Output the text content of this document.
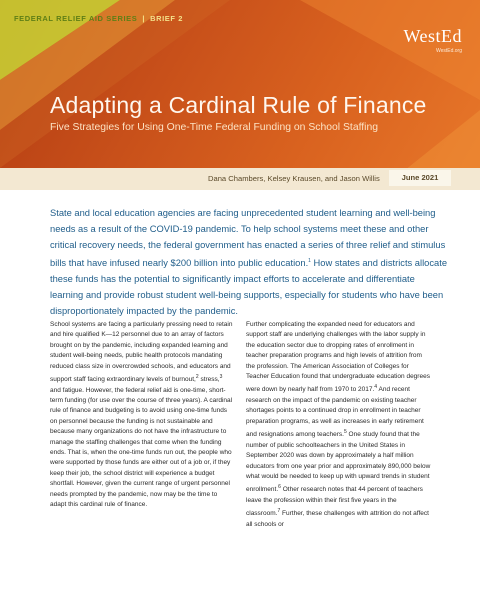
FEDERAL RELIEF AID SERIES | BRIEF 2
WestEd
WestEd.org
Adapting a Cardinal Rule of Finance
Five Strategies for Using One-Time Federal Funding on School Staffing
Dana Chambers, Kelsey Krausen, and Jason Willis	June 2021
State and local education agencies are facing unprecedented student learning and well-being needs as a result of the COVID-19 pandemic. To help school systems meet these and other critical recovery needs, the federal government has enacted a series of three relief and stimulus bills that have infused nearly $200 billion into public education.$^1$ How states and districts allocate these funds has the potential to significantly impact efforts to accelerate and differentiate learning and provide robust student well-being supports, especially for students who have been disproportionately impacted by the pandemic.

School systems are facing a particularly pressing need to retain and hire qualified K—12 personnel due to an array of factors brought on by the pandemic, including expanded learning and student well-being needs, public health protocols mandating reduced class size in overcrowded schools, and educators and support staff facing extraordinary levels of burnout,$^2$ stress,$^3$ and fatigue. However, the federal relief aid is one-time, short-term funding (for use over the course of three years). A cardinal rule of finance and budgeting is to avoid using one-time funds on personnel because the funding is not sustainable and because many organizations do not have the infrastructure to manage the staffing challenges that come when the funding ends. That is, when the one-time funds run out, the people who were supported by those funds are either out of a job or, if they keep their job, the school district will experience a budget shortfall. However, given the current range of urgent personnel needs prompted by the pandemic, now may be the time to adapt this cardinal rule of finance.

Further complicating the expanded need for educators and support staff are underlying challenges with the labor supply in the education sector due to dropping rates of enrollment in teacher preparation programs and high levels of attrition from the profession. The American Association of Colleges for Teacher Education found that undergraduate education degrees were down by nearly half from 1970 to 2017.$^4$ And recent research on the impact of the pandemic on existing teacher shortages points to a continued drop in enrollment in teacher preparation programs, as well as increases in early retirement and resignations among teachers.$^5$ One study found that the number of public schoolteachers in the United States in September 2020 was down by approximately a half million educators from one year prior and approximately 890,000 below what would be needed to keep up with upward trends in student enrollment.$^6$ Other research notes that 44 percent of teachers leave the profession within their first five years in the classroom.$^7$ Further, these challenges with attrition do not affect all schools or
